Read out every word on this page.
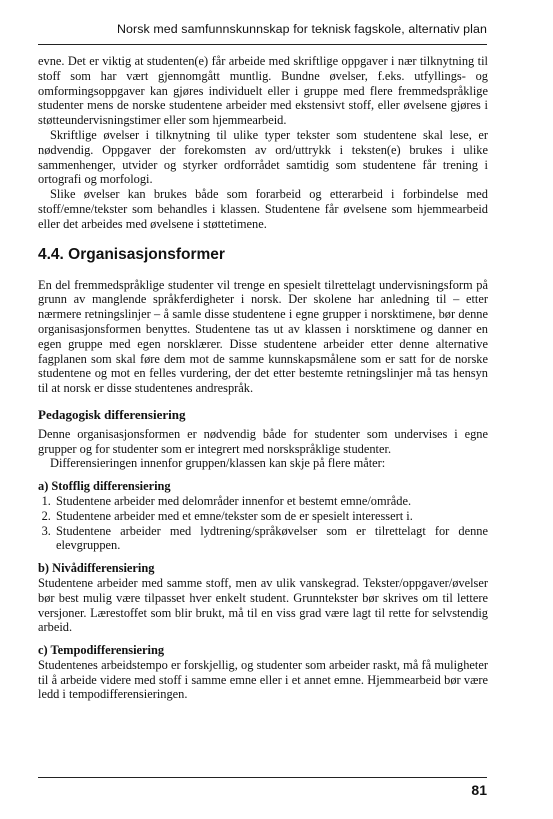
Norsk med samfunnskunnskap for teknisk fagskole, alternativ plan

evne. Det er viktig at studenten(e) får arbeide med skriftlige oppgaver i nær tilknytning til stoff som har vært gjennomgått muntlig. Bundne øvelser, f.eks. utfyllings- og omformingsoppgaver kan gjøres individuelt eller i gruppe med flere fremmedspråklige studenter mens de norske studentene arbeider med ekstensivt stoff, eller øvelsene gjøres i støtteundervisningstimer eller som hjemmearbeid.

Skriftlige øvelser i tilknytning til ulike typer tekster som studentene skal lese, er nødvendig. Oppgaver der forekomsten av ord/uttrykk i teksten(e) brukes i ulike sammenhenger, utvider og styrker ordforrådet samtidig som studentene får trening i ortografi og morfologi.

Slike øvelser kan brukes både som forarbeid og etterarbeid i forbindelse med stoff/emne/tekster som behandles i klassen. Studentene får øvelsene som hjemmearbeid eller det arbeides med øvelsene i støttetimene.

4.4. Organisasjonsformer

En del fremmedspråklige studenter vil trenge en spesielt tilrettelagt undervisningsform på grunn av manglende språkferdigheter i norsk. Der skolene har anledning til – etter nærmere retningslinjer – å samle disse studentene i egne grupper i norsktimene, bør denne organisasjonsformen benyttes. Studentene tas ut av klassen i norsktimene og danner en egen gruppe med egen norsklærer. Disse studentene arbeider etter denne alternative fagplanen som skal føre dem mot de samme kunnskapsmålene som er satt for de norske studentene og mot en felles vurdering, der det etter bestemte retningslinjer må tas hensyn til at norsk er disse studentenes andrespråk.

Pedagogisk differensiering

Denne organisasjonsformen er nødvendig både for studenter som undervises i egne grupper og for studenter som er integrert med norskspråklige studenter.

Differensieringen innenfor gruppen/klassen kan skje på flere måter:

a) Stofflig differensiering
1. Studentene arbeider med delområder innenfor et bestemt emne/område.
2. Studentene arbeider med et emne/tekster som de er spesielt interessert i.
3. Studentene arbeider med lydtrening/språkøvelser som er tilrettelagt for denne elevgruppen.
b) Nivådifferensiering

Studentene arbeider med samme stoff, men av ulik vanskegrad. Tekster/oppgaver/øvelser bør best mulig være tilpasset hver enkelt student. Grunntekster bør skrives om til lettere versjoner. Lærestoffet som blir brukt, må til en viss grad være lagt til rette for selvstendig arbeid.

c) Tempodifferensiering

Studentenes arbeidstempo er forskjellig, og studenter som arbeider raskt, må få muligheter til å arbeide videre med stoff i samme emne eller i et annet emne. Hjemmearbeid bør være ledd i tempodifferensieringen.

81
